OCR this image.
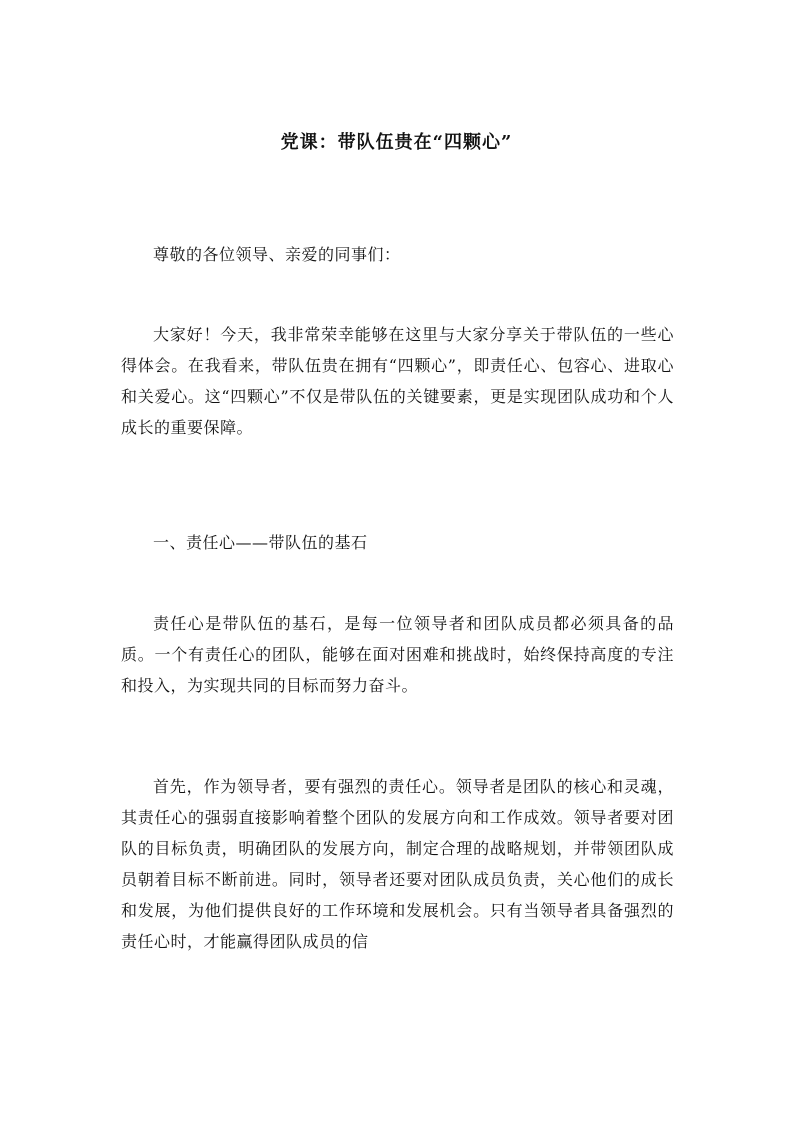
党课：带队伍贵在“四颗心”

尊敬的各位领导、亲爱的同事们：

大家好！今天，我非常荣幸能够在这里与大家分享关于带队伍的一些心得体会。在我看来，带队伍贵在拥有“四颗心”，即责任心、包容心、进取心和关爱心。这“四颗心”不仅是带队伍的关键要素，更是实现团队成功和个人成长的重要保障。

一、责任心——带队伍的基石

责任心是带队伍的基石，是每一位领导者和团队成员都必须具备的品质。一个有责任心的团队，能够在面对困难和挑战时，始终保持高度的专注和投入，为实现共同的目标而努力奋斗。

首先，作为领导者，要有强烈的责任心。领导者是团队的核心和灵魂，其责任心的强弱直接影响着整个团队的发展方向和工作成效。领导者要对团队的目标负责，明确团队的发展方向，制定合理的战略规划，并带领团队成员朝着目标不断前进。同时，领导者还要对团队成员负责，关心他们的成长和发展，为他们提供良好的工作环境和发展机会。只有当领导者具备强烈的责任心时，才能赢得团队成员的信
